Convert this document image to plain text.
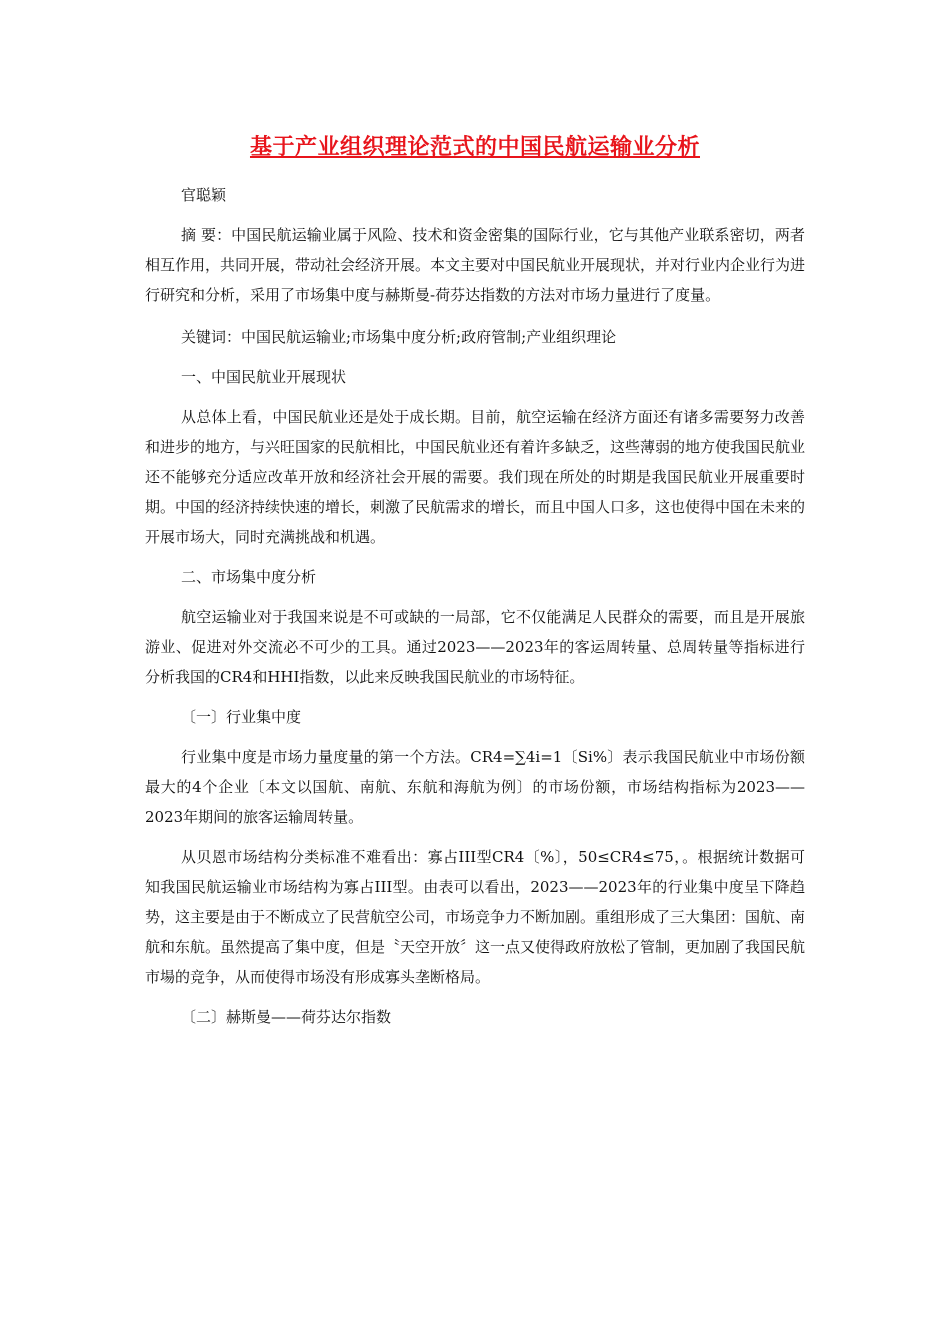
基于产业组织理论范式的中国民航运输业分析

官聪颖

摘 要：中国民航运输业属于风险、技术和资金密集的国际行业，它与其他产业联系密切，两者相互作用，共同开展，带动社会经济开展。本文主要对中国民航业开展现状，并对行业内企业行为进行研究和分析，采用了市场集中度与赫斯曼-荷芬达指数的方法对市场力量进行了度量。

关键词：中国民航运输业;市场集中度分析;政府管制;产业组织理论

一、中国民航业开展现状

从总体上看，中国民航业还是处于成长期。目前，航空运输在经济方面还有诸多需要努力改善和进步的地方，与兴旺国家的民航相比，中国民航业还有着许多缺乏，这些薄弱的地方使我国民航业还不能够充分适应改革开放和经济社会开展的需要。我们现在所处的时期是我国民航业开展重要时期。中国的经济持续快速的增长，刺激了民航需求的增长，而且中国人口多，这也使得中国在未来的开展市场大，同时充满挑战和机遇。

二、市场集中度分析

航空运输业对于我国来说是不可或缺的一局部，它不仅能满足人民群众的需要，而且是开展旅游业、促进对外交流必不可少的工具。通过2023——2023年的客运周转量、总周转量等指标进行分析我国的CR4和HHI指数，以此来反映我国民航业的市场特征。

〔一〕行业集中度

行业集中度是市场力量度量的第一个方法。CR4=∑4i=1〔Si%〕表示我国民航业中市场份额最大的4个企业〔本文以国航、南航、东航和海航为例〕的市场份额，市场结构指标为2023——2023年期间的旅客运输周转量。

从贝恩市场结构分类标准不难看出：寡占III型CR4〔%〕，50≤CR4≤75，。根据统计数据可知我国民航运输业市场结构为寡占III型。由表可以看出，2023——2023年的行业集中度呈下降趋势，这主要是由于不断成立了民营航空公司，市场竞争力不断加剧。重组形成了三大集团：国航、南航和东航。虽然提高了集中度，但是〝天空开放〞这一点又使得政府放松了管制，更加剧了我国民航市場的竞争，从而使得市场没有形成寡头垄断格局。

〔二〕赫斯曼——荷芬达尔指数
